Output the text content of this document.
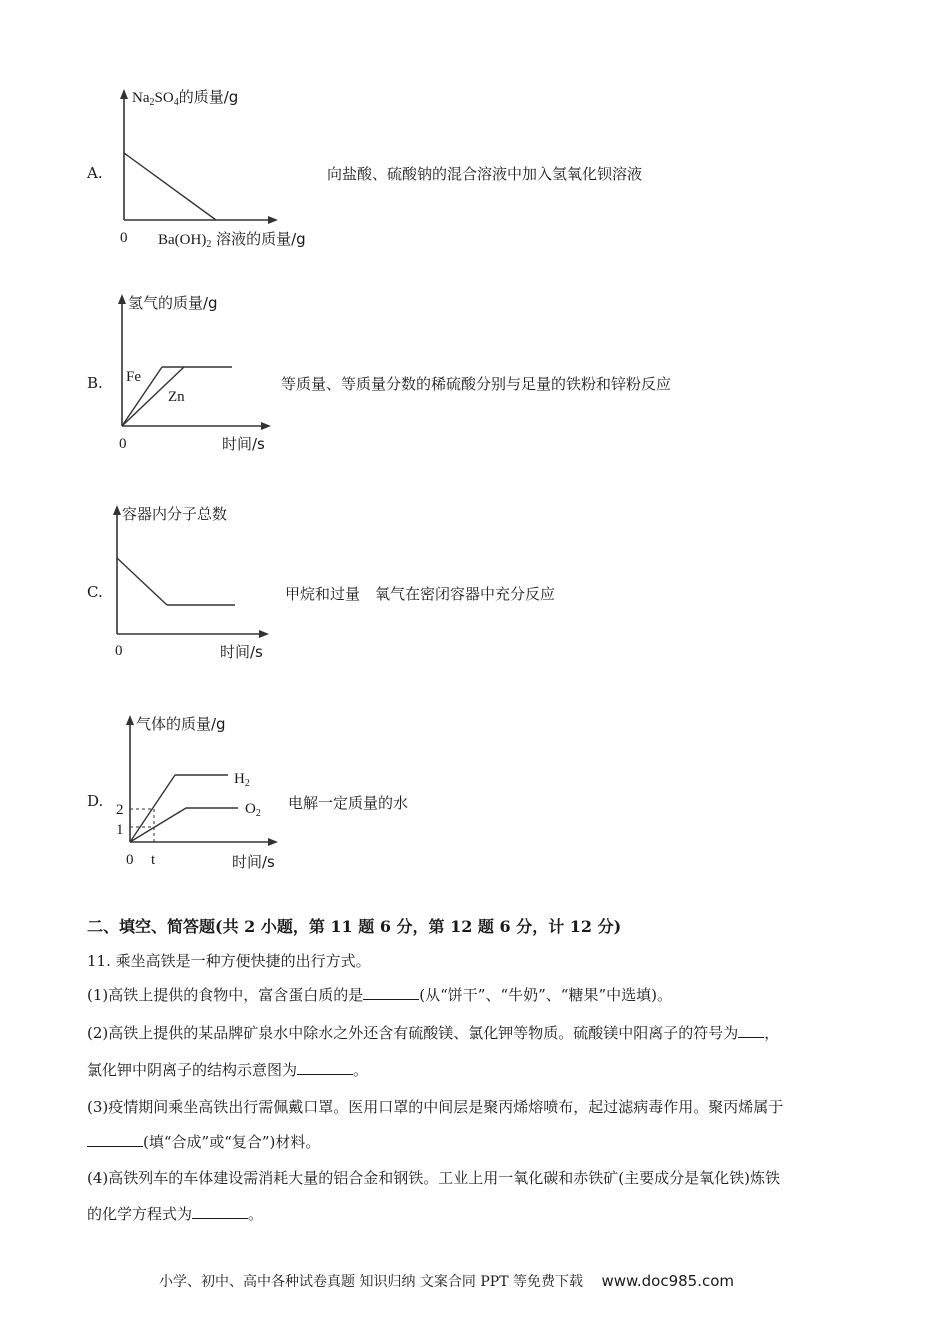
A.
$Na_2SO_4$的质量/g
0 $Ba(OH)_2$ 溶液的质量/g
向盐酸、硫酸钠的混合溶液中加入氢氧化钡溶液
B.
氢气的质量/g
Fe
Zn
0	时间/s
等质量、等质量分数的稀硫酸分别与足量的铁粉和锌粉反应
C.
容器内分子总数
0	时间/s
甲烷和过量　氧气在密闭容器中充分反应
D.
气体的质量/g
$H_2$
$O_2$
2
1
0 t	时间/s
电解一定质量的水
二、填空、简答题(共 2 小题，第 11 题 6 分，第 12 题 6 分，计 12 分)
11. 乘坐高铁是一种方便快捷的出行方式。
(1)高铁上提供的食物中，富含蛋白质的是	(从“饼干”、“牛奶”、“糖果”中选填)。
(2)高铁上提供的某品牌矿泉水中除水之外还含有硫酸镁、氯化钾等物质。硫酸镁中阳离子的符号为 ，
氯化钾中阴离子的结构示意图为	。
(3)疫情期间乘坐高铁出行需佩戴口罩。医用口罩的中间层是聚丙烯熔喷布，起过滤病毒作用。聚丙烯属于
(填“合成”或“复合”)材料。
(4)高铁列车的车体建设需消耗大量的铝合金和钢铁。工业上用一氧化碳和赤铁矿(主要成分是氧化铁)炼铁
的化学方程式为	。
小学、初中、高中各种试卷真题 知识归纳 文案合同 PPT 等免费下载 www.doc985.com
